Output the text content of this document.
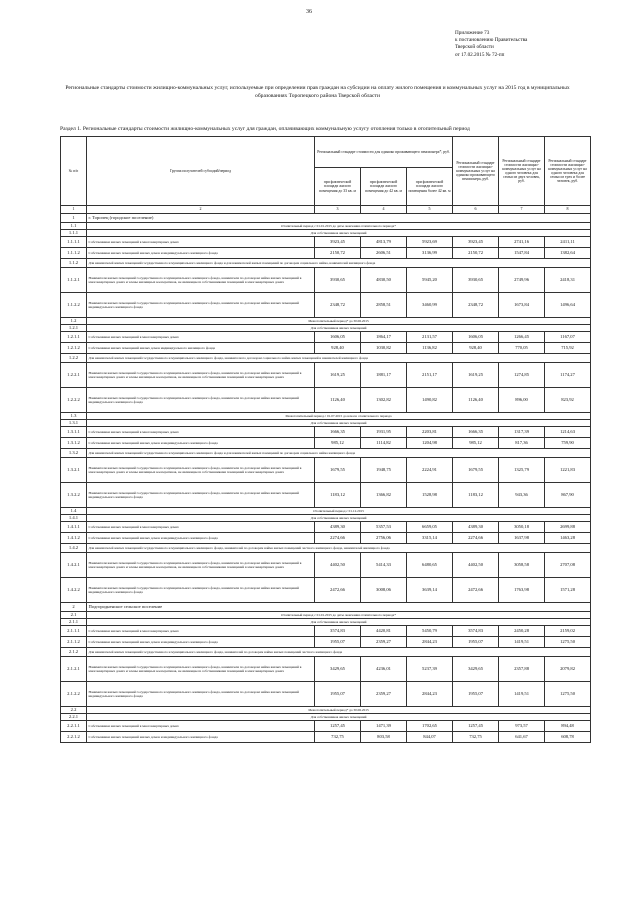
36
Приложение 73
к постановлению Правительства
Тверской области
от 17.02.2015 № 72-пп
Региональные стандарты стоимости жилищно-коммунальных услуг, используемые при определении прав граждан на субсидии на оплату жилого помещения и коммунальных услуг на 2015 год в муниципальных образованиях Торопецкого района Тверской области
Раздел 1. Региональные стандарты стоимости жилищно-коммунальных услуг для граждан, оплачивающих коммунальную услугу отопления только в отопительный период
№ п/п	Группа получателей субсидий/период	Региональный стандарт стоимости для одиноко проживающего пенсионера*, руб.			Региональный стандарт стоимости жилищно-коммунальных услуг на одиноко проживающего пенсионера, руб.	Региональный стандарт стоимости жилищно-коммунальных услуг на одного человека для семьи из двух человек, руб.	Региональный стандарт стоимости жилищно-коммунальных услуг на одного человека для семьи из трех и более человек, руб.
		при фактической площади жилого помещения до 33 кв. м	при фактической площади жилого помещения до 42 кв. м	при фактической площади жилого помещения более 42 кв. м			
1	2	3	4	5	6	7	8
1	г. Торопец (городское поселение)						
1.1	Отопительный период с 01.01.2015 до даты окончания отопительного периода*						
1.1.1	Для собственников жилых помещений						
1.1.1.1	Собственники жилых помещений в многоквартирных домах	3923,45	4813,79	5923,69	3923,45	2741,16	2411,11
1.1.1.2	Собственники жилых помещений жилых домов и индивидуального жилищного фонда	2150,72	2606,51	3136,99	2150,72	1547,84	1382,64
1.1.2	Для нанимателей жилых помещений государственного и муниципального жилищного фонда и для нанимателей жилых помещений по договорам социального найма, нанимателей жилищного фонда						
1.1.2.1	Наниматели жилых помещений государственного и муниципального жилищного фонда, наниматели по договорам найма жилых помещений в многоквартирных домах и члены жилищных кооперативов, не являющиеся собственниками помещений в многоквартирных домах	3930,65	4830,50	5945,20	3930,65	2749,96	2418,31
1.1.2.2	Наниматели жилых помещений государственного и муниципального жилищного фонда, наниматели по договорам найма жилых помещений индивидуального жилищного фонда	2348,72	2858,51	3460,99	2348,72	1673,84	1496,64
1.2	Межотопительный период* до 30.06.2015						
1.2.1	Для собственников жилых помещений						
1.2.1.1	Собственники жилых помещений в многоквартирных домах	1606,05	1864,17	2131,57	1606,05	1266,45	1167,07
1.2.1.2	Собственники жилых помещений жилых домов индивидуального жилищного фонда	928,40	1030,82	1136,82	928,40	770,05	715,92
1.2.2	Для нанимателей жилых помещений государственного и муниципального жилищного фонда, наниматели по договорам социального найма жилых помещений и нанимателей жилищного фонда						
1.2.2.1	Наниматели жилых помещений государственного и муниципального жилищного фонда, наниматели по договорам найма жилых помещений в многоквартирных домах и члены жилищных кооперативов, не являющиеся собственниками помещений в многоквартирных домах	1619,25	1881,17	2151,17	1619,25	1274,85	1174,27
1.2.2.2	Наниматели жилых помещений государственного и муниципального жилищного фонда, наниматели по договорам найма жилых помещений индивидуального жилищного фонда	1126,40	1302,82	1490,82	1126,40	896,00	823,92
1.3	Межотопительный период с 01.07.2015 до начала отопительного периода						
1.3.1	Для собственников жилых помещений						
1.3.1.1	Собственники жилых помещений в многоквартирных домах	1666,35	1931,95	2203,81	1666,35	1317,39	1214,63
1.3.1.2	Собственники жилых помещений жилых домов и индивидуального жилищного фонда	985,12	1114,82	1204,98	985,12	817,36	759,90
1.3.2	Для нанимателей жилых помещений государственного и муниципального жилищного фонда и для нанимателей жилых помещений по договорам социального найма жилищного фонда						
1.3.2.1	Наниматели жилых помещений государственного и муниципального жилищного фонда, наниматели по договорам найма жилых помещений в многоквартирных домах и члены жилищных кооперативов, не являющиеся собственниками помещений в многоквартирных домах	1679,55	1948,75	2224,91	1679,55	1325,79	1221,83
1.3.2.2	Наниматели жилых помещений государственного и муниципального жилищного фонда, наниматели по договорам найма жилых помещений индивидуального жилищного фонда	1183,12	1366,82	1528,98	1183,12	943,36	867,90
1.4	Отопительный период с 01.12.2015						
1.4.1	Для собственников жилых помещений						
1.4.1.1	Собственники жилых помещений в многоквартирных домах	4389,30	5357,53	6659,05	4389,30	3050,18	2699,88
1.4.1.2	Собственники жилых помещений жилых домов и индивидуального жилищного фонда	2274,66	2756,06	3315,14	2274,66	1637,98	1463,28
1.4.2	Для нанимателей жилых помещений государственного и муниципального жилищного фонда, нанимателей по договорам найма жилых помещений частного жилищного фонда, нанимателей жилищного фонда						
1.4.2.1	Наниматели жилых помещений государственного и муниципального жилищного фонда, наниматели по договорам найма жилых помещений в многоквартирных домах и члены жилищных кооперативов, не являющиеся собственниками помещений в многоквартирных домах	4402,50	5414,33	6480,65	4402,50	3058,58	2707,08
1.4.2.2	Наниматели жилых помещений государственного и муниципального жилищного фонда, наниматели по договорам найма жилых помещений индивидуального жилищного фонда	2472,66	3008,06	3639,14	2472,66	1763,98	1571,28
2	Подгородненское сельское поселение						
2.1	Отопительный период с 01.01.2015 до даты окончания отопительного периода*						
2.1.1	Для собственников жилых помещений						
2.1.1.1	Собственники жилых помещений в многоквартирных домах	3574,83	4420,81	5450,79	3574,83	2450,28	2159,02
2.1.1.2	Собственники жилых помещений жилых домов и индивидуального жилищного фонда	1955,07	2359,27	2844,23	1955,07	1419,51	1275,50
2.1.2	Для нанимателей жилых помещений государственного и муниципального жилищного фонда, нанимателей по договорам найма жилых помещений частного жилищного фонда						
2.1.2.1	Наниматели жилых помещений государственного и муниципального жилищного фонда, наниматели по договорам найма жилых помещений в многоквартирных домах и члены жилищных кооперативов, не являющиеся собственниками помещений в многоквартирных домах	3429,65	4236,01	5237,39	3429,65	2357,88	2079,82
2.1.2.2	Наниматели жилых помещений государственного и муниципального жилищного фонда, наниматели по договорам найма жилых помещений индивидуального жилищного фонда	1955,07	2359,27	2844,23	1955,07	1419,51	1275,50
2.2	Межотопительный период* до 30.06.2015						
2.2.1	Для собственников жилых помещений						
2.2.1.1	Собственники жилых помещений в многоквартирных домах	1257,45	1471,39	1702,65	1257,45	973,57	894,48
2.2.1.2	Собственники жилых помещений жилых домов и индивидуального жилищного фонда	732,75	803,58	844,07	732,75	641,67	608,78
